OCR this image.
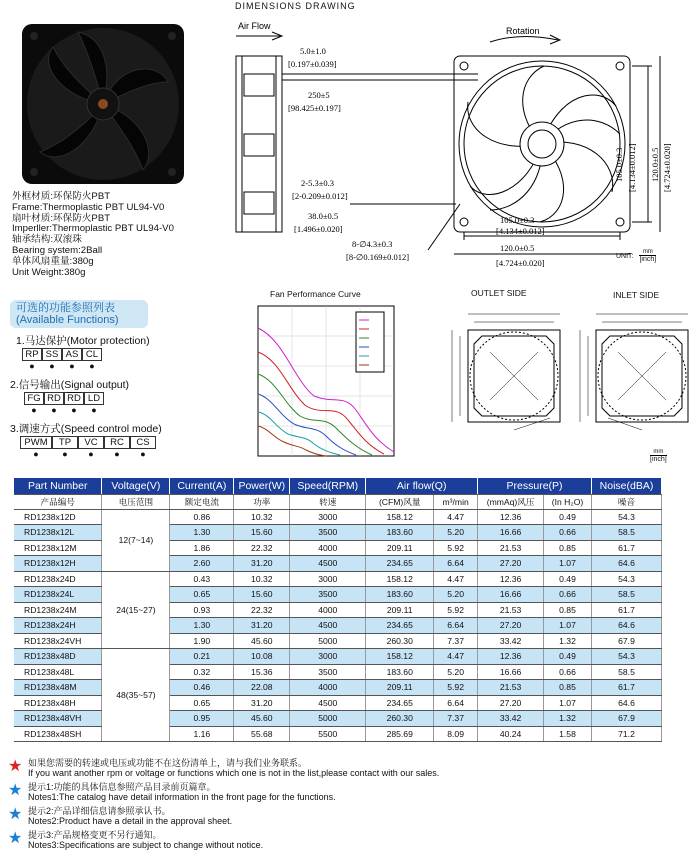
外框材质:环保防火PBT
Frame:Thermoplastic PBT UL94-V0
扇叶材质:环保防火PBT
Imperller:Thermoplastic PBT UL94-V0
轴承结构:双滚珠
Bearing system:2Ball
单体风扇重量:380g
Unit Weight:380g
DIMENSIONS DRAWING
Air Flow
5.0±1.0
[0.197±0.039]
250±5
[98.425±0.197]
2-5.3±0.3
[2-0.209±0.012]
38.0±0.5
[1.496±0.020]
8-∅4.3±0.3
[8-∅0.169±0.012]
Rotation
105.0±0.3 [4.134±0.012] 120.0±0.5 [4.724±0.020]
105.0±0.3
[4.134±0.012]
120.0±0.5
[4.724±0.020]
UNIT:
mm
[inch]
可选的功能参照列表
(Available Functions)
1.马达保护(Motor protection)
RP SS AS CL
●	●	●	●
2.信号输出(Signal output)
FG RD $\overline{RD}$ LD
●	●	●	●
3.调速方式(Speed control mode)
PWM	TP	VC	RC	CS
●	●	●	●	●
Fan Performance Curve	OUTLET SIDE	INLET SIDE
mm
[inch]
Part Number	Voltage(V)	Current(A)	Power(W)	Speed(RPM)	Air flow(Q)		Pressure(P)		Noise(dBA)
产品编号	电压范围	额定电流	功率	转速	(CFM)风量	m³/min	(mmAq)风压	(In H₂O)	噪音
RD1238x12D	12(7~14)	0.86	10.32	3000	158.12	4.47	12.36	0.49	54.3
RD1238x12L		1.30	15.60	3500	183.60	5.20	16.66	0.66	58.5
RD1238x12M		1.86	22.32	4000	209.11	5.92	21.53	0.85	61.7
RD1238x12H		2.60	31.20	4500	234.65	6.64	27.20	1.07	64.6
RD1238x24D	24(15~27)	0.43	10.32	3000	158.12	4.47	12.36	0.49	54.3
RD1238x24L		0.65	15.60	3500	183.60	5.20	16.66	0.66	58.5
RD1238x24M		0.93	22.32	4000	209.11	5.92	21.53	0.85	61.7
RD1238x24H		1.30	31.20	4500	234.65	6.64	27.20	1.07	64.6
RD1238x24VH		1.90	45.60	5000	260.30	7.37	33.42	1.32	67.9
RD1238x48D	48(35~57)	0.21	10.08	3000	158.12	4.47	12.36	0.49	54.3
RD1238x48L		0.32	15.36	3500	183.60	5.20	16.66	0.66	58.5
RD1238x48M		0.46	22.08	4000	209.11	5.92	21.53	0.85	61.7
RD1238x48H		0.65	31.20	4500	234.65	6.64	27.20	1.07	64.6
RD1238x48VH		0.95	45.60	5000	260.30	7.37	33.42	1.32	67.9
RD1238x48SH		1.16	55.68	5500	285.69	8.09	40.24	1.58	71.2
★ 如果您需要的转速或电压或功能不在这份清单上，请与我们业务联系。
If you want another rpm or voltage or functions which one is not in the list,please contact with our sales.
★ 提示1:功能的具体信息参照产品目录前页篇章。
Notes1:The catalog have detail information in the front page for the functions.
★ 提示2:产品详细信息请参照承认书。
Notes2:Product have a detail in the approval sheet.
★ 提示3:产品规格变更不另行通知。
Notes3:Specifications are subject to change without notice.
